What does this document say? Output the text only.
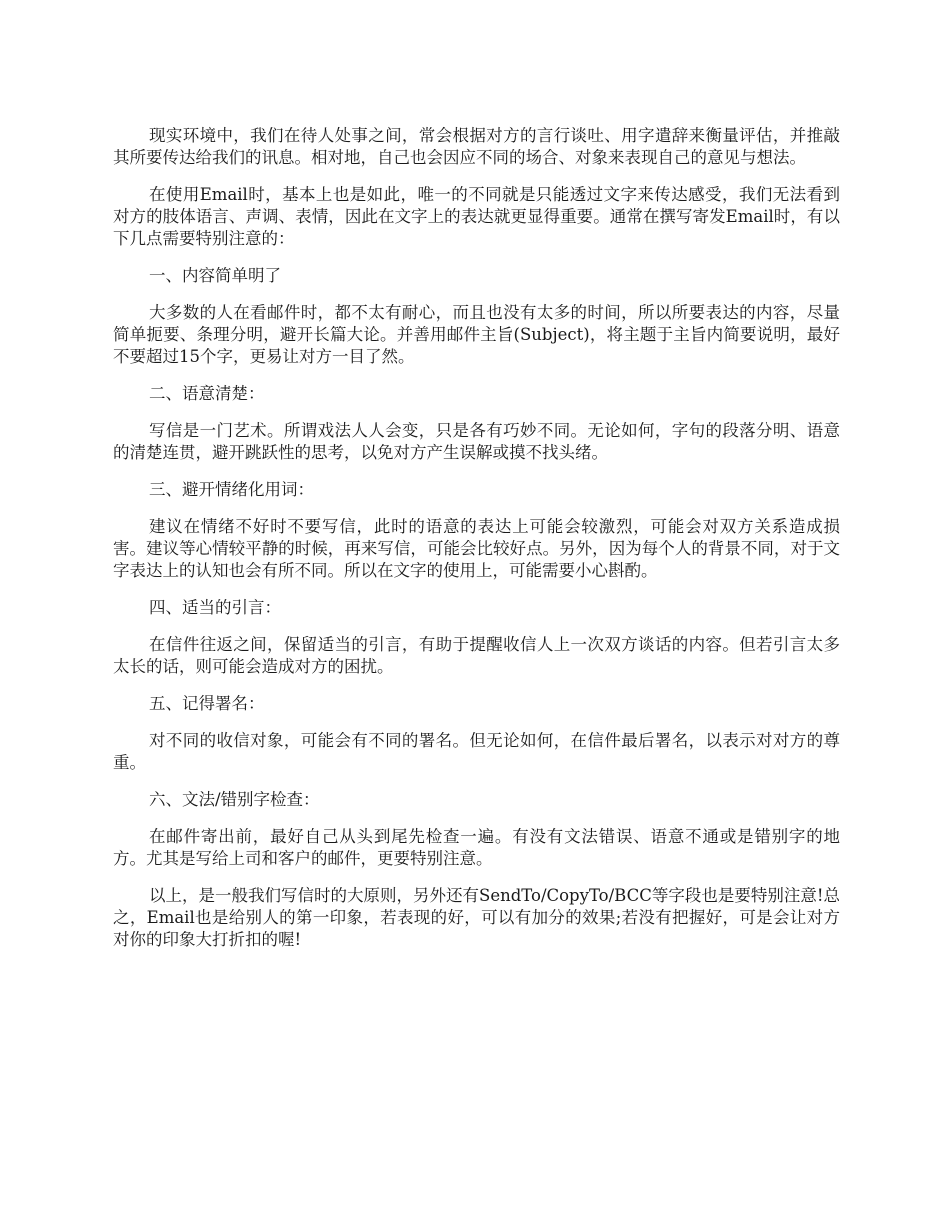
现实环境中，我们在待人处事之间，常会根据对方的言行谈吐、用字遣辞来衡量评估，并推敲其所要传达给我们的讯息。相对地，自己也会因应不同的场合、对象来表现自己的意见与想法。

在使用Email时，基本上也是如此，唯一的不同就是只能透过文字来传达感受，我们无法看到对方的肢体语言、声调、表情，因此在文字上的表达就更显得重要。通常在撰写寄发Email时，有以下几点需要特别注意的：

一、内容简单明了

大多数的人在看邮件时，都不太有耐心，而且也没有太多的时间，所以所要表达的内容，尽量简单扼要、条理分明，避开长篇大论。并善用邮件主旨(Subject)，将主题于主旨内简要说明，最好不要超过15个字，更易让对方一目了然。

二、语意清楚：

写信是一门艺术。所谓戏法人人会变，只是各有巧妙不同。无论如何，字句的段落分明、语意的清楚连贯，避开跳跃性的思考，以免对方产生误解或摸不找头绪。

三、避开情绪化用词：

建议在情绪不好时不要写信，此时的语意的表达上可能会较激烈，可能会对双方关系造成损害。建议等心情较平静的时候，再来写信，可能会比较好点。另外，因为每个人的背景不同，对于文字表达上的认知也会有所不同。所以在文字的使用上，可能需要小心斟酌。

四、适当的引言：

在信件往返之间，保留适当的引言，有助于提醒收信人上一次双方谈话的内容。但若引言太多太长的话，则可能会造成对方的困扰。

五、记得署名：

对不同的收信对象，可能会有不同的署名。但无论如何，在信件最后署名，以表示对对方的尊重。

六、文法/错别字检查：

在邮件寄出前，最好自己从头到尾先检查一遍。有没有文法错误、语意不通或是错别字的地方。尤其是写给上司和客户的邮件，更要特别注意。

以上，是一般我们写信时的大原则，另外还有SendTo/CopyTo/BCC等字段也是要特别注意!总之，Email也是给别人的第一印象，若表现的好，可以有加分的效果;若没有把握好，可是会让对方对你的印象大打折扣的喔!
